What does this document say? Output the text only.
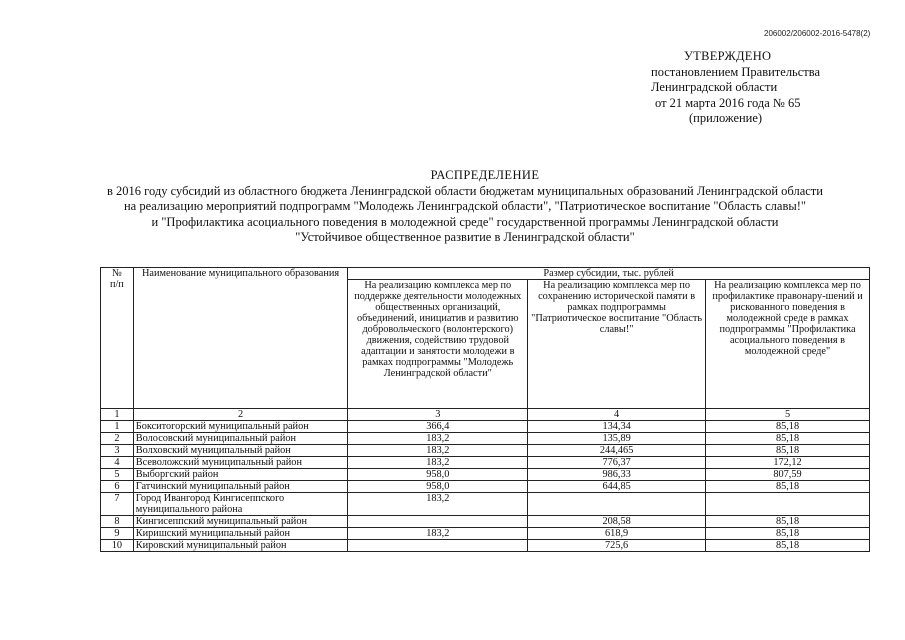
206002/206002-2016-5478(2)
УТВЕРЖДЕНО
постановлением Правительства
Ленинградской области
от 21 марта 2016 года № 65
(приложение)
РАСПРЕДЕЛЕНИЕ
в 2016 году субсидий из областного бюджета Ленинградской области бюджетам муниципальных образований Ленинградской области
на реализацию мероприятий подпрограмм "Молодежь Ленинградской области", "Патриотическое воспитание "Область славы!"
и "Профилактика асоциального поведения в молодежной среде" государственной программы Ленинградской области
"Устойчивое общественное развитие в Ленинградской области"
№
п/п	Наименование муниципального образования	Размер субсидии, тыс. рублей		
		На реализацию комплекса мер по поддержке деятельности молодежных общественных организаций, объединений, инициатив и развитию добровольческого (волонтерского) движения, содействию трудовой адаптации и занятости молодежи в рамках подпрограммы "Молодежь Ленинградской области"	На реализацию комплекса мер по сохранению исторической памяти в рамках подпрограммы "Патриотическое воспитание "Область славы!"	На реализацию комплекса мер по профилактике правонару-шений и рискованного поведения в молодежной среде в рамках подпрограммы "Профилактика асоциального поведения в молодежной среде"
1	2	3	4	5
1	Бокситогорский муниципальный район	366,4	134,34	85,18
2	Волосовский муниципальный район	183,2	135,89	85,18
3	Волховский муниципальный район	183,2	244,465	85,18
4	Всеволожский муниципальный район	183,2	776,37	172,12
5	Выборгский район	958,0	986,33	807,59
6	Гатчинский муниципальный район	958,0	644,85	85,18
7	Город Ивангород Кингисеппского муниципального района	183,2		
8	Кингисеппский муниципальный район		208,58	85,18
9	Киришский муниципальный район	183,2	618,9	85,18
10	Кировский муниципальный район		725,6	85,18
